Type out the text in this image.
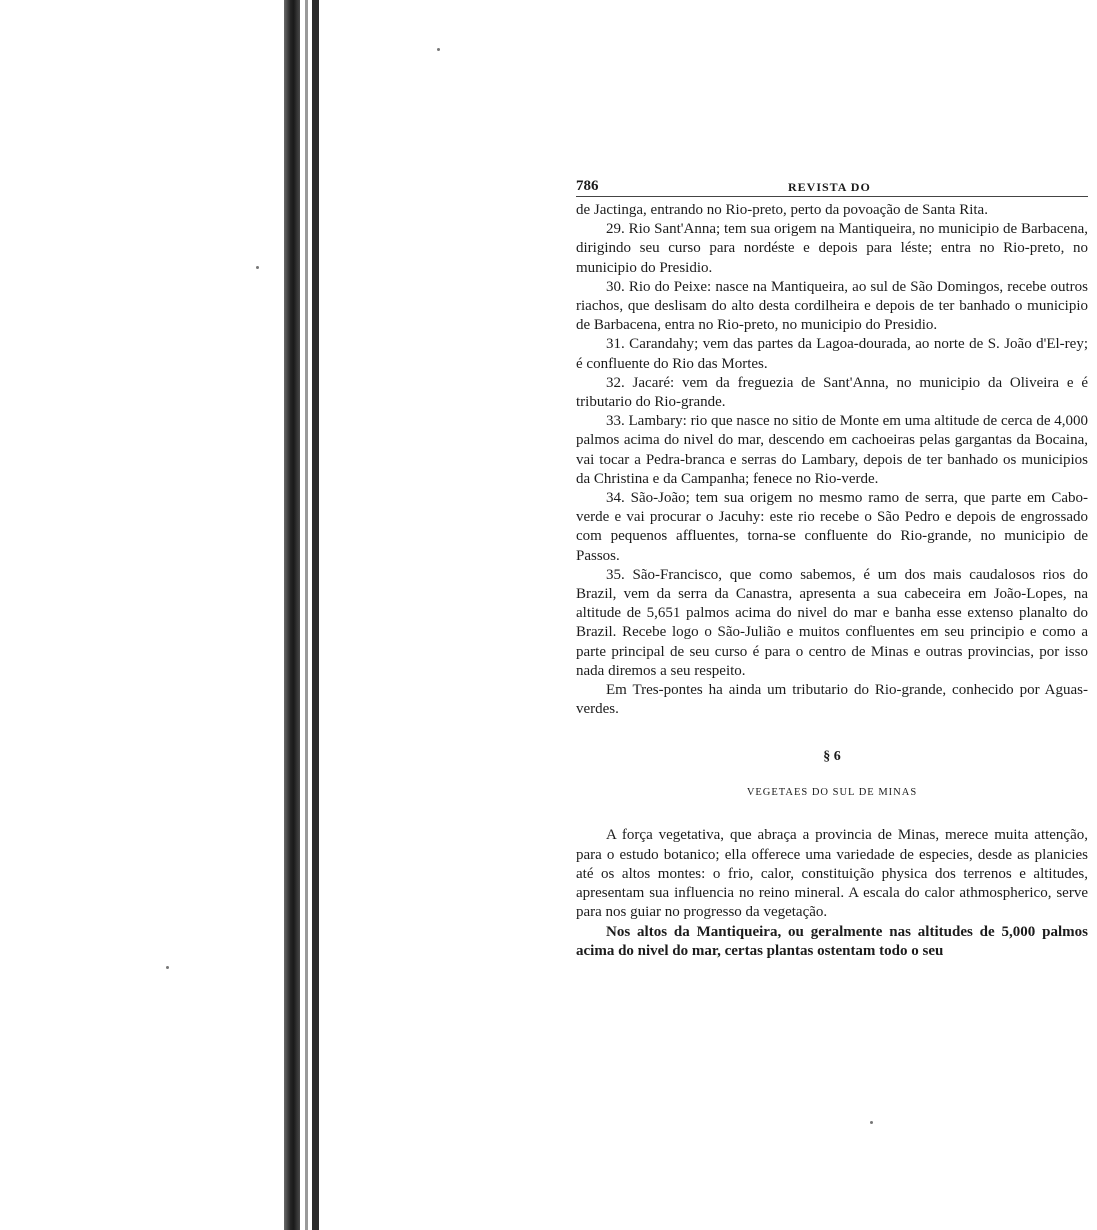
786	REVISTA DO

de Jactinga, entrando no Rio-preto, perto da povoação de Santa Rita.

29. Rio Sant'Anna; tem sua origem na Mantiqueira, no municipio de Barbacena, dirigindo seu curso para nordéste e depois para léste; entra no Rio-preto, no municipio do Presidio.

30. Rio do Peixe: nasce na Mantiqueira, ao sul de São Domingos, recebe outros riachos, que deslisam do alto desta cordilheira e depois de ter banhado o municipio de Barbacena, entra no Rio-preto, no municipio do Presidio.

31. Carandahy; vem das partes da Lagoa-dourada, ao norte de S. João d'El-rey; é confluente do Rio das Mortes.

32. Jacaré: vem da freguezia de Sant'Anna, no municipio da Oliveira e é tributario do Rio-grande.

33. Lambary: rio que nasce no sitio de Monte em uma altitude de cerca de 4,000 palmos acima do nivel do mar, descendo em cachoeiras pelas gargantas da Bocaina, vai tocar a Pedra-branca e serras do Lambary, depois de ter banhado os municipios da Christina e da Campanha; fenece no Rio-verde.

34. São-João; tem sua origem no mesmo ramo de serra, que parte em Cabo-verde e vai procurar o Jacuhy: este rio recebe o São Pedro e depois de engrossado com pequenos affluentes, torna-se confluente do Rio-grande, no municipio de Passos.

35. São-Francisco, que como sabemos, é um dos mais caudalosos rios do Brazil, vem da serra da Canastra, apresenta a sua cabeceira em João-Lopes, na altitude de 5,651 palmos acima do nivel do mar e banha esse extenso planalto do Brazil. Recebe logo o São-Julião e muitos confluentes em seu principio e como a parte principal de seu curso é para o centro de Minas e outras provincias, por isso nada diremos a seu respeito.

Em Tres-pontes ha ainda um tributario do Rio-grande, conhecido por Aguas-verdes.

§ 6
VEGETAES DO SUL DE MINAS

A força vegetativa, que abraça a provincia de Minas, merece muita attenção, para o estudo botanico; ella offerece uma variedade de especies, desde as planicies até os altos montes: o frio, calor, constituição physica dos terrenos e altitudes, apresentam sua influencia no reino mineral. A escala do calor athmospherico, serve para nos guiar no progresso da vegetação.

Nos altos da Mantiqueira, ou geralmente nas altitudes de 5,000 palmos acima do nivel do mar, certas plantas ostentam todo o seu
